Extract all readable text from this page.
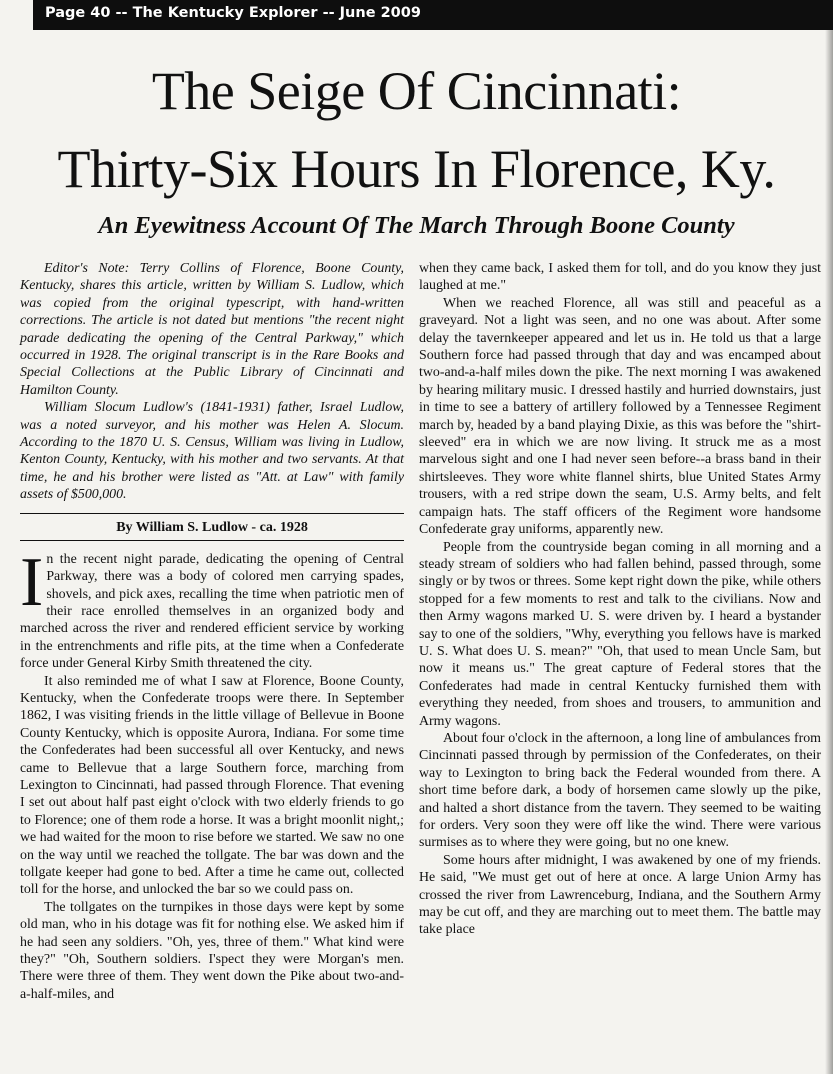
Page 40 -- The Kentucky Explorer -- June 2009
The Seige Of Cincinnati:
Thirty-Six Hours In Florence, Ky.
An Eyewitness Account Of The March Through Boone County

Editor's Note: Terry Collins of Florence, Boone County, Kentucky, shares this article, written by William S. Ludlow, which was copied from the original typescript, with hand-written corrections. The article is not dated but mentions "the recent night parade dedicating the opening of the Central Parkway," which occurred in 1928. The original transcript is in the Rare Books and Special Collections at the Public Library of Cincinnati and Hamilton County.

William Slocum Ludlow's (1841-1931) father, Israel Ludlow, was a noted surveyor, and his mother was Helen A. Slocum. According to the 1870 U. S. Census, William was living in Ludlow, Kenton County, Kentucky, with his mother and two servants. At that time, he and his brother were listed as "Att. at Law" with family assets of $500,000.

By William S. Ludlow - ca. 1928

In the recent night parade, dedicating the opening of Central Parkway, there was a body of colored men carrying spades, shovels, and pick axes, recalling the time when patriotic men of their race enrolled themselves in an organized body and marched across the river and rendered efficient service by working in the entrenchments and rifle pits, at the time when a Confederate force under General Kirby Smith threatened the city.

It also reminded me of what I saw at Florence, Boone County, Kentucky, when the Confederate troops were there. In September 1862, I was visiting friends in the little village of Bellevue in Boone County Kentucky, which is opposite Aurora, Indiana. For some time the Confederates had been successful all over Kentucky, and news came to Bellevue that a large Southern force, marching from Lexington to Cincinnati, had passed through Florence. That evening I set out about half past eight o'clock with two elderly friends to go to Florence; one of them rode a horse. It was a bright moonlit night,; we had waited for the moon to rise before we started. We saw no one on the way until we reached the tollgate. The bar was down and the tollgate keeper had gone to bed. After a time he came out, collected toll for the horse, and unlocked the bar so we could pass on.

The tollgates on the turnpikes in those days were kept by some old man, who in his dotage was fit for nothing else. We asked him if he had seen any soldiers. "Oh, yes, three of them." What kind were they?" "Oh, Southern soldiers. I'spect they were Morgan's men. There were three of them. They went down the Pike about two-and-a-half-miles, and

when they came back, I asked them for toll, and do you know they just laughed at me."

When we reached Florence, all was still and peaceful as a graveyard. Not a light was seen, and no one was about. After some delay the tavernkeeper appeared and let us in. He told us that a large Southern force had passed through that day and was encamped about two-and-a-half miles down the pike. The next morning I was awakened by hearing military music. I dressed hastily and hurried downstairs, just in time to see a battery of artillery followed by a Tennessee Regiment march by, headed by a band playing Dixie, as this was before the "shirt-sleeved" era in which we are now living. It struck me as a most marvelous sight and one I had never seen before--a brass band in their shirtsleeves. They wore white flannel shirts, blue United States Army trousers, with a red stripe down the seam, U.S. Army belts, and felt campaign hats. The staff officers of the Regiment wore handsome Confederate gray uniforms, apparently new.

People from the countryside began coming in all morning and a steady stream of soldiers who had fallen behind, passed through, some singly or by twos or threes. Some kept right down the pike, while others stopped for a few moments to rest and talk to the civilians. Now and then Army wagons marked U. S. were driven by. I heard a bystander say to one of the soldiers, "Why, everything you fellows have is marked U. S. What does U. S. mean?" "Oh, that used to mean Uncle Sam, but now it means us." The great capture of Federal stores that the Confederates had made in central Kentucky furnished them with everything they needed, from shoes and trousers, to ammunition and Army wagons.

About four o'clock in the afternoon, a long line of ambulances from Cincinnati passed through by permission of the Confederates, on their way to Lexington to bring back the Federal wounded from there. A short time before dark, a body of horsemen came slowly up the pike, and halted a short distance from the tavern. They seemed to be waiting for orders. Very soon they were off like the wind. There were various surmises as to where they were going, but no one knew.

Some hours after midnight, I was awakened by one of my friends. He said, "We must get out of here at once. A large Union Army has crossed the river from Lawrenceburg, Indiana, and the Southern Army may be cut off, and they are marching out to meet them. The battle may take place
